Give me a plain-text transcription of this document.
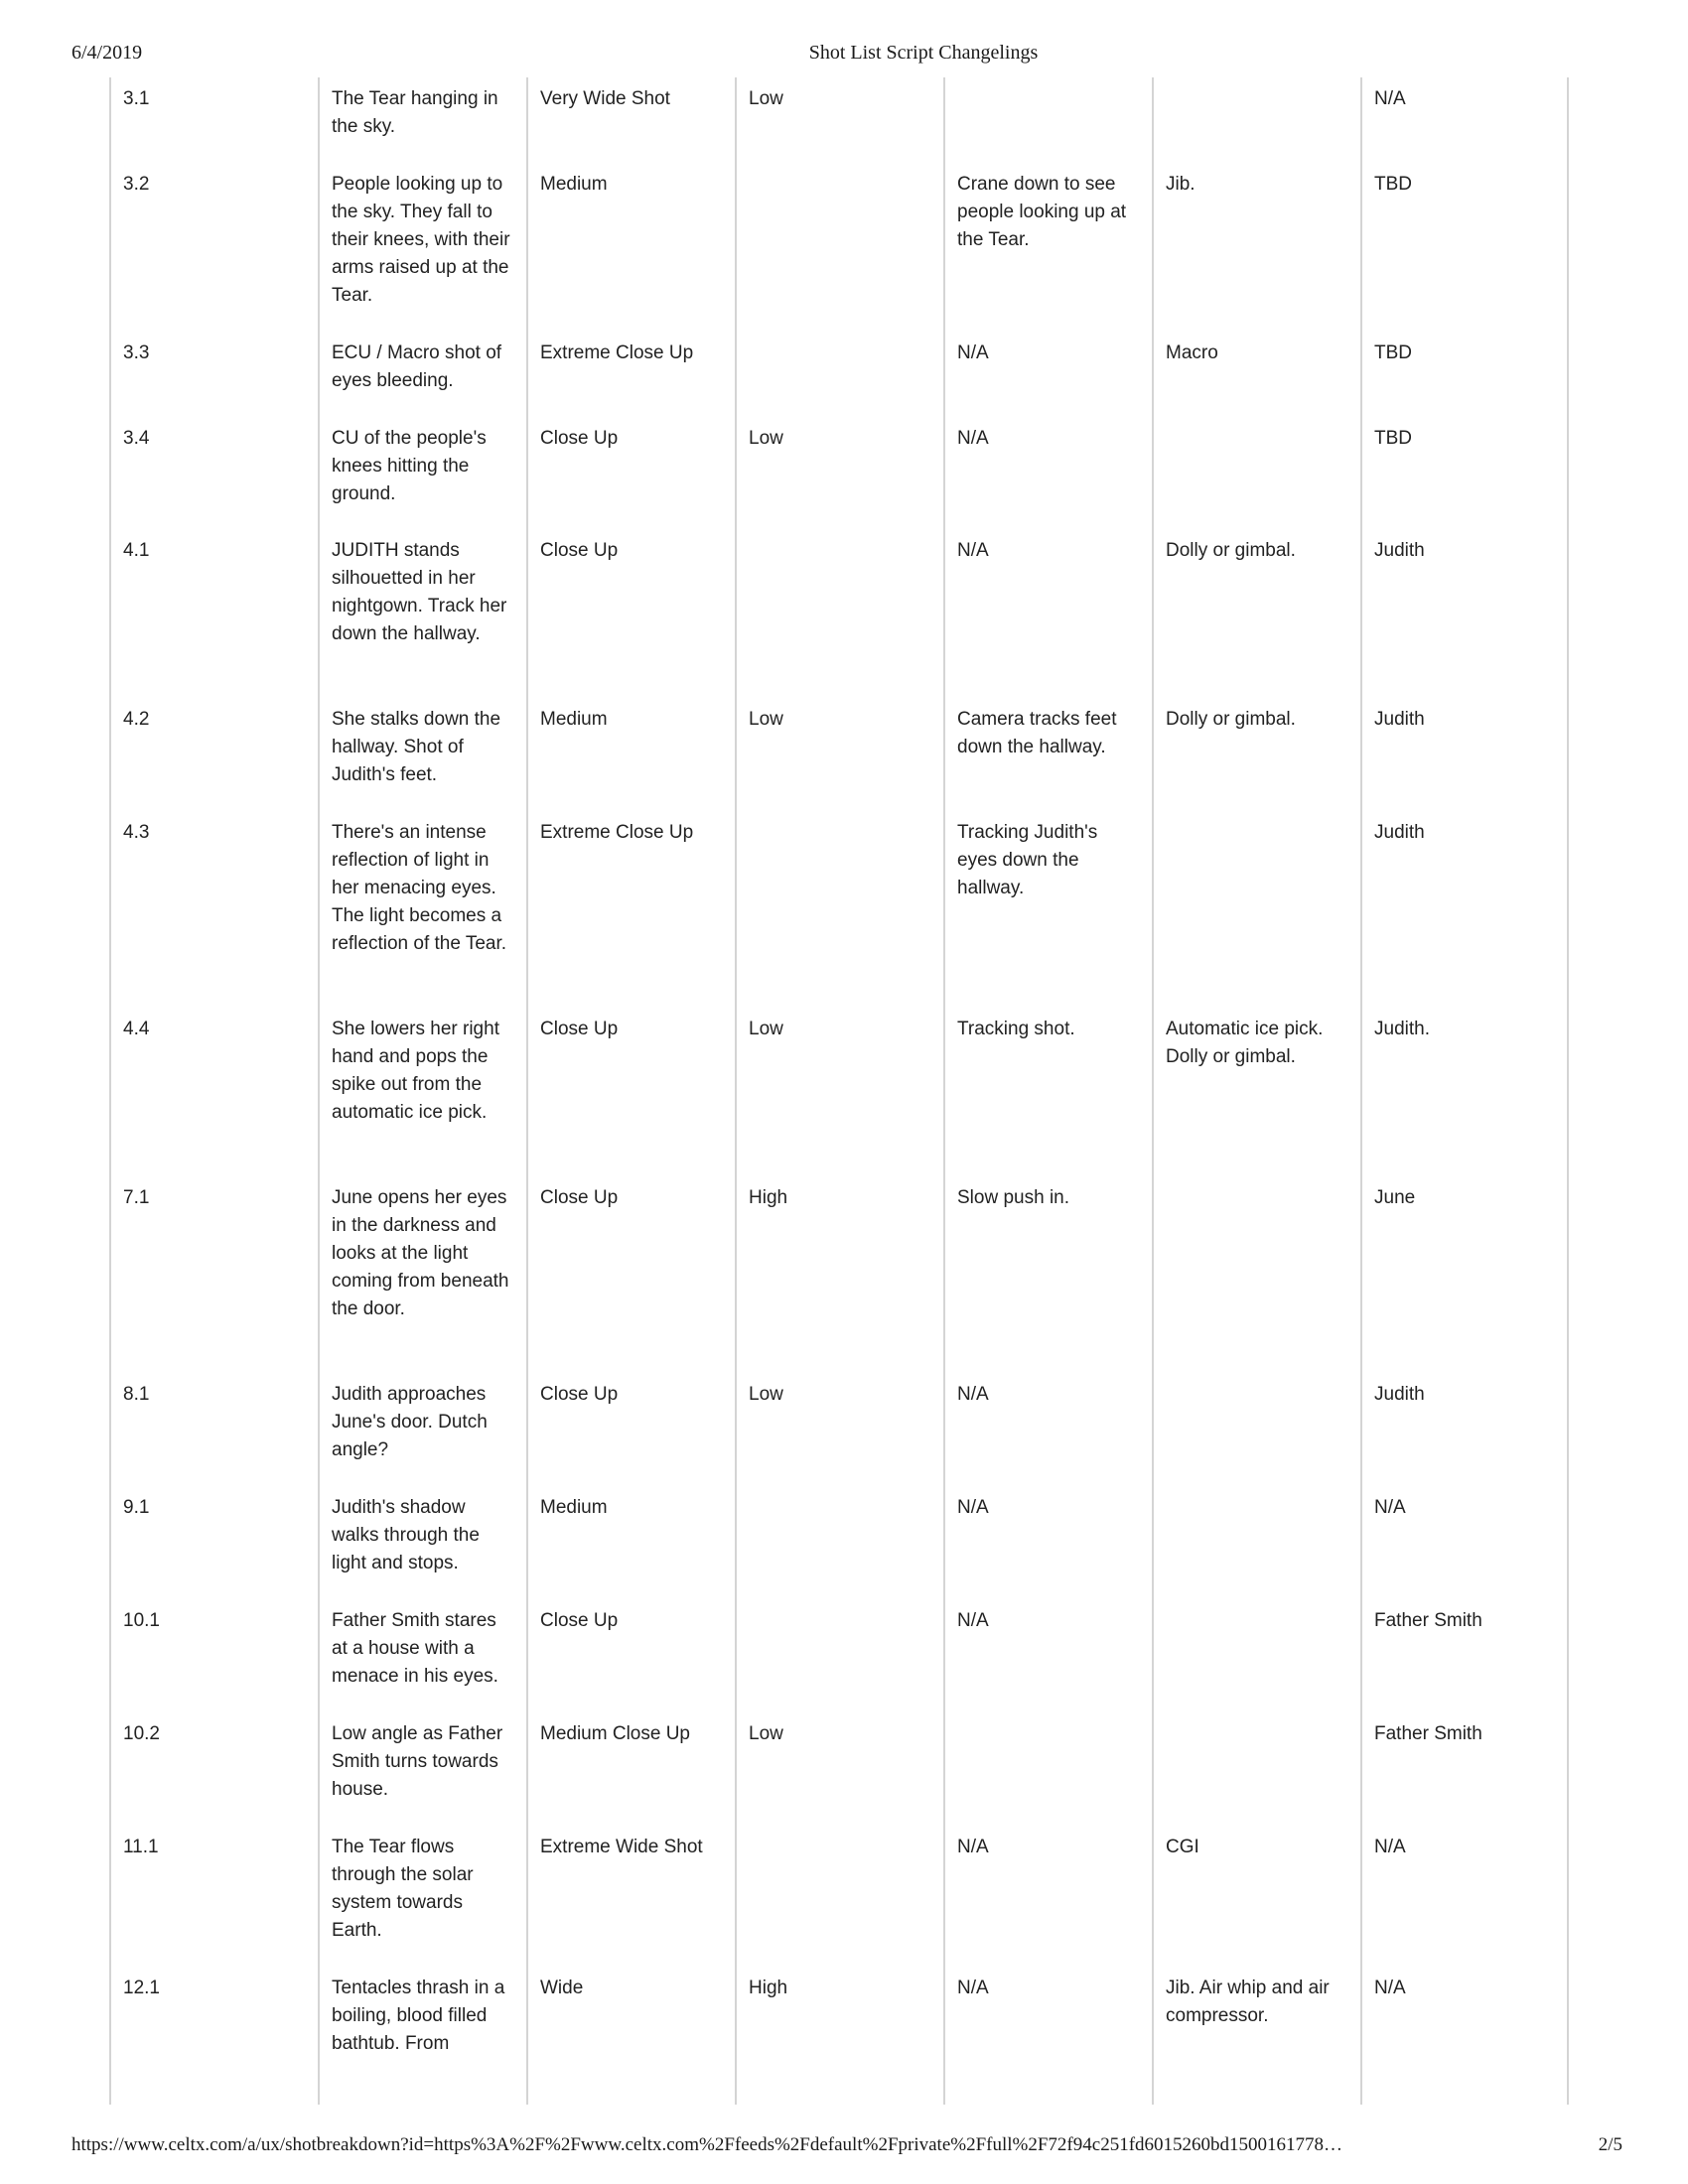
6/4/2019	Shot List Script Changelings
3.1	The Tear hanging in the sky.	Very Wide Shot	Low			N/A
3.2	People looking up to the sky. They fall to their knees, with their arms raised up at the Tear.	Medium		Crane down to see people looking up at the Tear.	Jib.	TBD
3.3	ECU / Macro shot of eyes bleeding.	Extreme Close Up		N/A	Macro	TBD
3.4	CU of the people's knees hitting the ground.	Close Up	Low	N/A		TBD
4.1	JUDITH stands silhouetted in her nightgown. Track her down the hallway.	Close Up		N/A	Dolly or gimbal.	Judith
4.2	She stalks down the hallway. Shot of Judith's feet.	Medium	Low	Camera tracks feet down the hallway.	Dolly or gimbal.	Judith
4.3	There's an intense reflection of light in her menacing eyes. The light becomes a reflection of the Tear.	Extreme Close Up		Tracking Judith's eyes down the hallway.		Judith
4.4	She lowers her right hand and pops the spike out from the automatic ice pick.	Close Up	Low	Tracking shot.	Automatic ice pick. Dolly or gimbal.	Judith.
7.1	June opens her eyes in the darkness and looks at the light coming from beneath the door.	Close Up	High	Slow push in.		June
8.1	Judith approaches June's door. Dutch angle?	Close Up	Low	N/A		Judith
9.1	Judith's shadow walks through the light and stops.	Medium		N/A		N/A
10.1	Father Smith stares at a house with a menace in his eyes.	Close Up		N/A		Father Smith
10.2	Low angle as Father Smith turns towards house.	Medium Close Up	Low			Father Smith
11.1	The Tear flows through the solar system towards Earth.	Extreme Wide Shot		N/A	CGI	N/A
12.1	Tentacles thrash in a boiling, blood filled bathtub. From	Wide	High	N/A	Jib. Air whip and air compressor.	N/A
https://www.celtx.com/a/ux/shotbreakdown?id=https%3A%2F%2Fwww.celtx.com%2Ffeeds%2Fdefault%2Fprivate%2Ffull%2F72f94c251fd6015260bd1500161778…	2/5
